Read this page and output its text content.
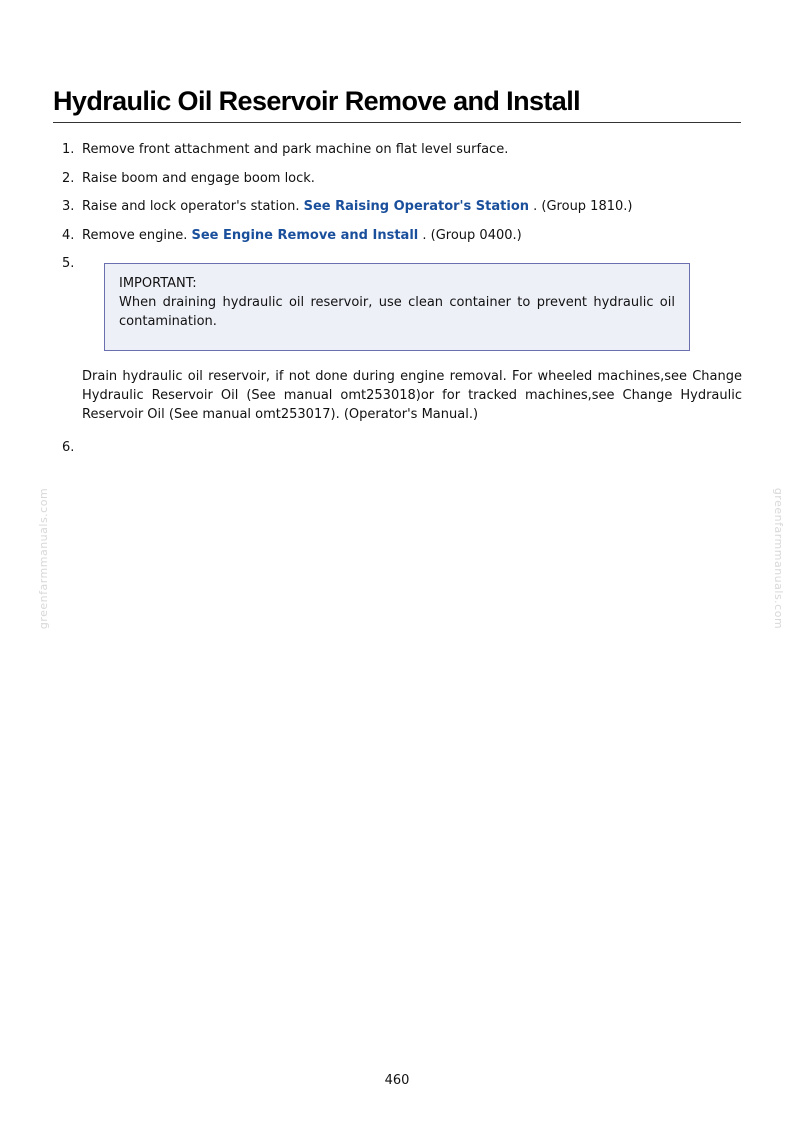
Hydraulic Oil Reservoir Remove and Install
1. Remove front attachment and park machine on flat level surface.
2. Raise boom and engage boom lock.
3. Raise and lock operator's station. See Raising Operator's Station . (Group 1810.)
4. Remove engine. See Engine Remove and Install . (Group 0400.)
5.
IMPORTANT:
When draining hydraulic oil reservoir, use clean container to prevent hydraulic oil contamination.
Drain hydraulic oil reservoir, if not done during engine removal. For wheeled machines,see Change Hydraulic Reservoir Oil (See manual omt253018)or for tracked machines,see Change Hydraulic Reservoir Oil (See manual omt253017). (Operator's Manual.)
6.
greenfarmmanuals.com	greenfarmmanuals.com
460
